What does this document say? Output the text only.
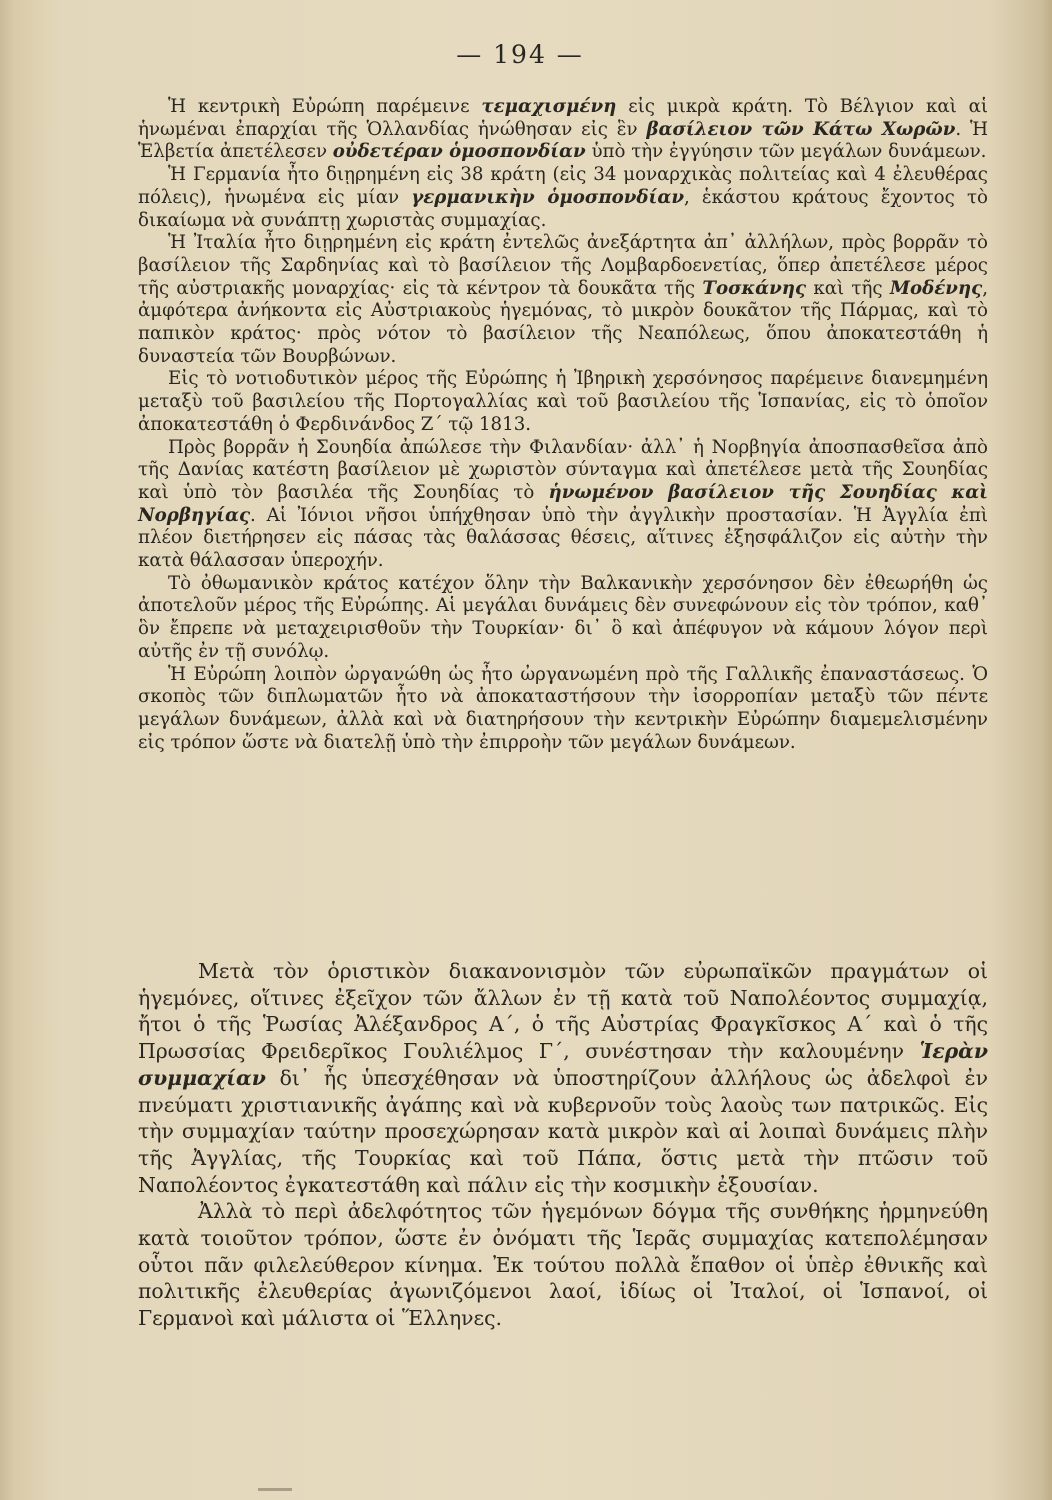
— 194 —

Ἡ κεντρικὴ Εὐρώπη παρέμεινε τεμαχισμένη εἰς μικρὰ κράτη. Τὸ Βέλγιον καὶ αἱ ἡνωμέναι ἐπαρχίαι τῆς Ὁλλανδίας ἡνώθησαν εἰς ἓν βασίλειον τῶν Κάτω Χωρῶν. Ἡ Ἑλβετία ἀπετέλεσεν οὐδετέραν ὁμοσπονδίαν ὑπὸ τὴν ἐγγύησιν τῶν μεγάλων δυνάμεων.

Ἡ Γερμανία ἦτο διῃρημένη εἰς 38 κράτη (εἰς 34 μοναρχικὰς πολιτείας καὶ 4 ἐλευθέρας πόλεις), ἡνωμένα εἰς μίαν γερμανικὴν ὁμοσπονδίαν, ἑκάστου κράτους ἔχοντος τὸ δικαίωμα νὰ συνάπτῃ χωριστὰς συμμαχίας.

Ἡ Ἰταλία ἦτο διῃρημένη εἰς κράτη ἐντελῶς ἀνεξάρτητα ἀπ᾽ ἀλλήλων, πρὸς βορρᾶν τὸ βασίλειον τῆς Σαρδηνίας καὶ τὸ βασίλειον τῆς Λομβαρδοενετίας, ὅπερ ἀπετέλεσε μέρος τῆς αὐστριακῆς μοναρχίας· εἰς τὰ κέντρον τὰ δουκᾶτα τῆς Τοσκάνης καὶ τῆς Μοδένης, ἀμφότερα ἀνήκοντα εἰς Αὐστριακοὺς ἡγεμόνας, τὸ μικρὸν δουκᾶτον τῆς Πάρμας, καὶ τὸ παπικὸν κράτος· πρὸς νότον τὸ βασίλειον τῆς Νεαπόλεως, ὅπου ἀποκατεστάθη ἡ δυναστεία τῶν Βουρβώνων.

Εἰς τὸ νοτιοδυτικὸν μέρος τῆς Εὐρώπης ἡ Ἰβηρικὴ χερσόνησος παρέμεινε διανεμημένη μεταξὺ τοῦ βασιλείου τῆς Πορτογαλλίας καὶ τοῦ βασιλείου τῆς Ἱσπανίας, εἰς τὸ ὁποῖον ἀποκατεστάθη ὁ Φερδινάνδος Ζ΄ τῷ 1813.

Πρὸς βορρᾶν ἡ Σουηδία ἀπώλεσε τὴν Φιλανδίαν· ἀλλ᾽ ἡ Νορβηγία ἀποσπασθεῖσα ἀπὸ τῆς Δανίας κατέστη βασίλειον μὲ χωριστὸν σύνταγμα καὶ ἀπετέλεσε μετὰ τῆς Σουηδίας καὶ ὑπὸ τὸν βασιλέα τῆς Σουηδίας τὸ ἡνωμένον βασίλειον τῆς Σουηδίας καὶ Νορβηγίας. Αἱ Ἰόνιοι νῆσοι ὑπήχθησαν ὑπὸ τὴν ἀγγλικὴν προστασίαν. Ἡ Ἀγγλία ἐπὶ πλέον διετήρησεν εἰς πάσας τὰς θαλάσσας θέσεις, αἵτινες ἐξησφάλιζον εἰς αὐτὴν τὴν κατὰ θάλασσαν ὑπεροχήν.

Τὸ ὀθωμανικὸν κράτος κατέχον ὅλην τὴν Βαλκανικὴν χερσόνησον δὲν ἐθεωρήθη ὡς ἀποτελοῦν μέρος τῆς Εὐρώπης. Αἱ μεγάλαι δυνάμεις δὲν συνεφώνουν εἰς τὸν τρόπον, καθ᾽ ὃν ἔπρεπε νὰ μεταχειρισθοῦν τὴν Τουρκίαν· δι᾽ ὃ καὶ ἀπέφυγον νὰ κάμουν λόγον περὶ αὐτῆς ἐν τῇ συνόλῳ.

Ἡ Εὐρώπη λοιπὸν ὠργανώθη ὡς ἦτο ὠργανωμένη πρὸ τῆς Γαλλικῆς ἐπαναστάσεως. Ὁ σκοπὸς τῶν διπλωματῶν ἦτο νὰ ἀποκαταστήσουν τὴν ἰσορροπίαν μεταξὺ τῶν πέντε μεγάλων δυνάμεων, ἀλλὰ καὶ νὰ διατηρήσουν τὴν κεντρικὴν Εὐρώπην διαμεμελισμένην εἰς τρόπον ὥστε νὰ διατελῇ ὑπὸ τὴν ἐπιρροὴν τῶν μεγάλων δυνάμεων.

Μετὰ τὸν ὁριστικὸν διακανονισμὸν τῶν εὐρωπαϊκῶν πραγμάτων οἱ ἡγεμόνες, οἵτινες ἐξεῖχον τῶν ἄλλων ἐν τῇ κατὰ τοῦ Ναπολέοντος συμμαχίᾳ, ἤτοι ὁ τῆς Ῥωσίας Ἀλέξανδρος Α΄, ὁ τῆς Αὐστρίας Φραγκῖσκος Α΄ καὶ ὁ τῆς Πρωσσίας Φρειδερῖκος Γουλιέλμος Γ΄, συνέστησαν τὴν καλουμένην Ἱερὰν συμμαχίαν δι᾽ ἧς ὑπεσχέθησαν νὰ ὑποστηρίζουν ἀλλήλους ὡς ἀδελφοὶ ἐν πνεύματι χριστιανικῆς ἀγάπης καὶ νὰ κυβερνοῦν τοὺς λαοὺς των πατρικῶς. Εἰς τὴν συμμαχίαν ταύτην προσεχώρησαν κατὰ μικρὸν καὶ αἱ λοιπαὶ δυνάμεις πλὴν τῆς Ἀγγλίας, τῆς Τουρκίας καὶ τοῦ Πάπα, ὅστις μετὰ τὴν πτῶσιν τοῦ Ναπολέοντος ἐγκατεστάθη καὶ πάλιν εἰς τὴν κοσμικὴν ἐξουσίαν.

Ἀλλὰ τὸ περὶ ἀδελφότητος τῶν ἡγεμόνων δόγμα τῆς συνθήκης ἡρμηνεύθη κατὰ τοιοῦτον τρόπον, ὥστε ἐν ὀνόματι τῆς Ἱερᾶς συμμαχίας κατεπολέμησαν οὗτοι πᾶν φιλελεύθερον κίνημα. Ἐκ τούτου πολλὰ ἔπαθον οἱ ὑπὲρ ἐθνικῆς καὶ πολιτικῆς ἐλευθερίας ἀγωνιζόμενοι λαοί, ἰδίως οἱ Ἰταλοί, οἱ Ἱσπανοί, οἱ Γερμανοὶ καὶ μάλιστα οἱ Ἕλληνες.
